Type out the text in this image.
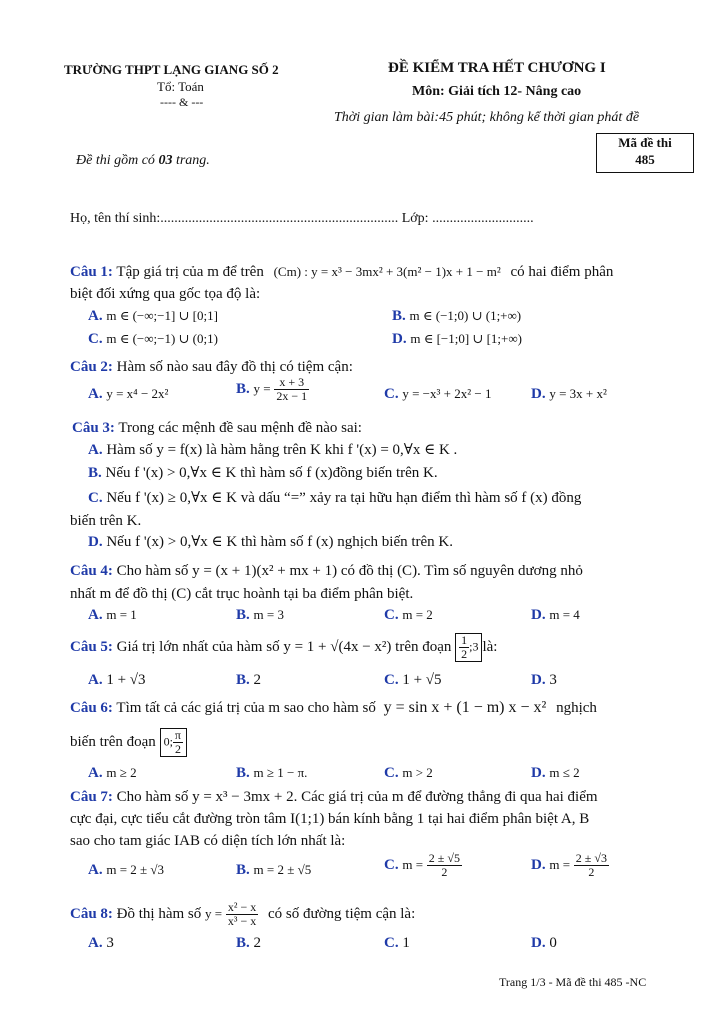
TRƯỜNG THPT LẠNG GIANG SỐ 2
Tổ: Toán
---- & ---
ĐỀ KIỂM TRA HẾT CHƯƠNG I
Môn: Giải tích 12- Nâng cao
Thời gian làm bài:45 phút; không kể thời gian phát đề
Mã đề thi
485
Đề thi gồm có 03 trang.
Họ, tên thí sinh:.................................................................... Lớp: .............................
Câu 1: Tập giá trị của m để trên (Cm) : y = x³ − 3mx² + 3(m² − 1)x + 1 − m² có hai điểm phân
biệt đối xứng qua gốc tọa độ là:
A. m ∈ (−∞;−1] ∪ [0;1]	B. m ∈ (−1;0) ∪ (1;+∞)
C. m ∈ (−∞;−1) ∪ (0;1)	D. m ∈ [−1;0] ∪ [1;+∞)
Câu 2: Hàm số nào sau đây đồ thị có tiệm cận:
A. y = x⁴ − 2x²	B. $y = \frac{x + 3}{2x - 1}$	C. y = −x³ + 2x² − 1	D. y = 3x + x²
Câu 3: Trong các mệnh đề sau mệnh đề nào sai:
A. Hàm số y = f(x) là hàm hằng trên K khi f '(x) = 0,∀x ∈ K .
B. Nếu f '(x) > 0,∀x ∈ K thì hàm số f (x)đồng biến trên K.
C. Nếu f '(x) ≥ 0,∀x ∈ K và dấu “=” xảy ra tại hữu hạn điểm thì hàm số f (x) đồng
biến trên K.
D. Nếu f '(x) > 0,∀x ∈ K thì hàm số f (x) nghịch biến trên K.
Câu 4: Cho hàm số y = (x + 1)(x² + mx + 1) có đồ thị (C). Tìm số nguyên dương nhỏ
nhất m để đồ thị (C) cắt trục hoành tại ba điểm phân biệt.
A. m = 1	B. m = 3	C. m = 2	D. m = 4
Câu 5: Giá trị lớn nhất của hàm số y = 1 + √(4x − x²) trên đoạn $\frac{1}{2}$ ;3 là:
A. 1 + √3	B. 2	C. 1 + √5	D. 3
Câu 6: Tìm tất cả các giá trị của m sao cho hàm số y = sin x + (1 − m) x − x² nghịch
biến trên đoạn 0; $\frac{\pi}{2}$
A. m ≥ 2	B. m ≥ 1 − π.	C. m > 2	D. m ≤ 2
Câu 7: Cho hàm số y = x³ − 3mx + 2. Các giá trị của m để đường thẳng đi qua hai điểm
cực đại, cực tiểu cắt đường tròn tâm I(1;1) bán kính bằng 1 tại hai điểm phân biệt A, B
sao cho tam giác IAB có diện tích lớn nhất là:
A. m = 2 ± √3	B. m = 2 ± √5	C. $m = \frac{2 \pm √5}{2}$	D. $m = \frac{2 \pm √3}{2}$
Câu 8: Đồ thị hàm số $y = \frac{\text{x² − x}}{\text{x³ − x}}$ có số đường tiệm cận là:
A. 3	B. 2	C. 1	D. 0
Trang 1/3 - Mã đề thi 485 -NC
